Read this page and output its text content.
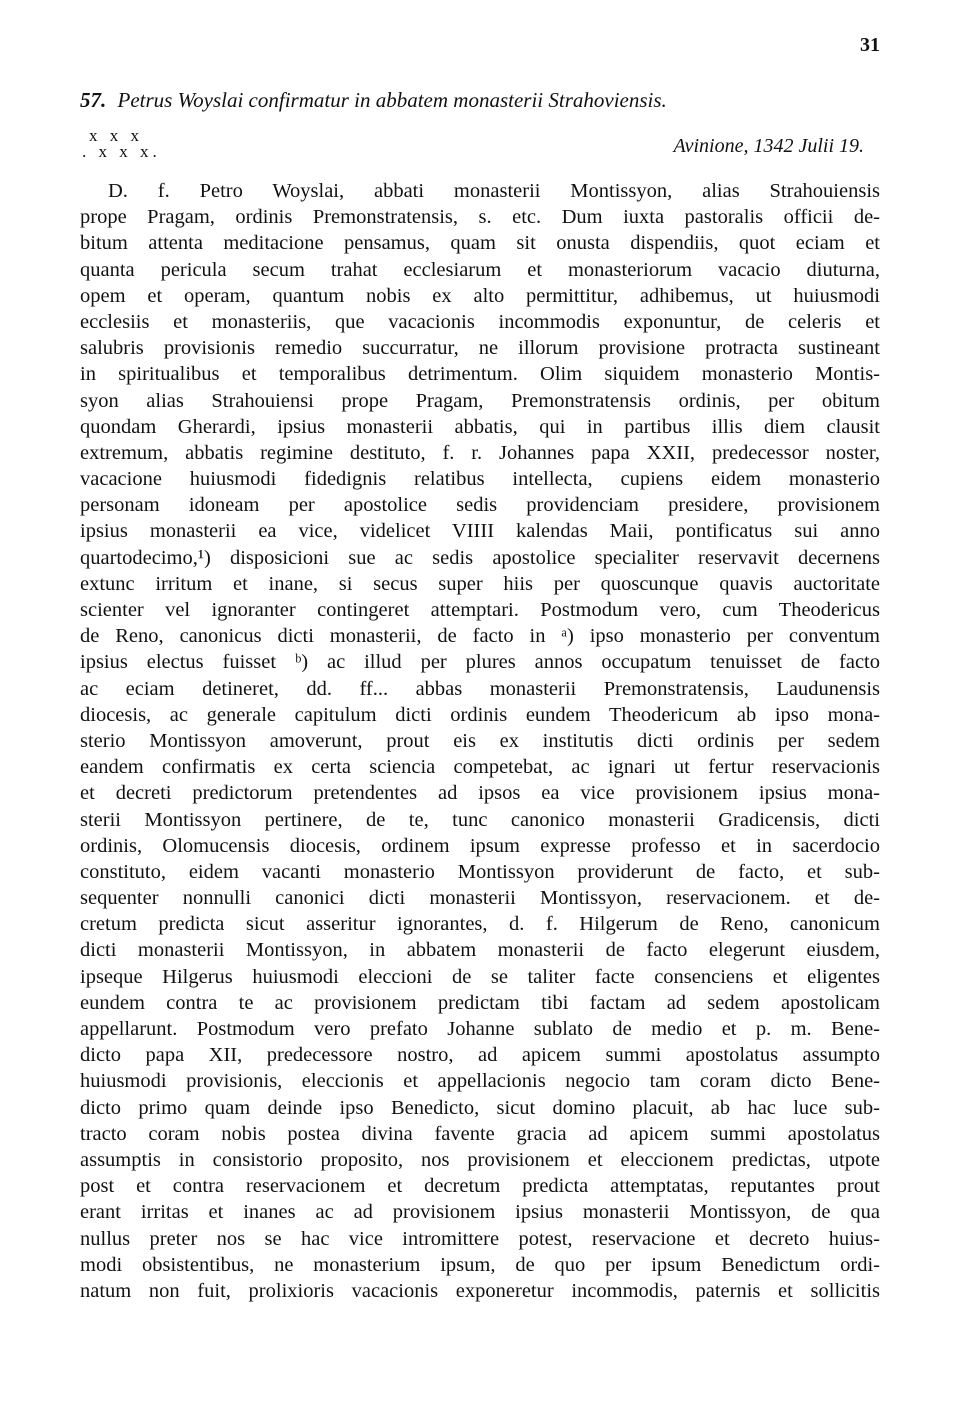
31
57. Petrus Woyslai confirmatur in abbatem monasterii Strahoviensis.
x x x
. x x x.	Avinione, 1342 Julii 19.
D. f. Petro Woyslai, abbati monasterii Montissyon, alias Strahouiensis
prope Pragam, ordinis Premonstratensis, s. etc. Dum iuxta pastoralis officii de-
bitum attenta meditacione pensamus, quam sit onusta dispendiis, quot eciam et
quanta pericula secum trahat ecclesiarum et monasteriorum vacacio diuturna,
opem et operam, quantum nobis ex alto permittitur, adhibemus, ut huiusmodi
ecclesiis et monasteriis, que vacacionis incommodis exponuntur, de celeris et
salubris provisionis remedio succurratur, ne illorum provisione protracta sustineant
in spiritualibus et temporalibus detrimentum. Olim siquidem monasterio Montis-
syon alias Strahouiensi prope Pragam, Premonstratensis ordinis, per obitum
quondam Gherardi, ipsius monasterii abbatis, qui in partibus illis diem clausit
extremum, abbatis regimine destituto, f. r. Johannes papa XXII, predecessor noster,
vacacione huiusmodi fidedignis relatibus intellecta, cupiens eidem monasterio
personam idoneam per apostolice sedis providenciam presidere, provisionem
ipsius monasterii ea vice, videlicet VIIII kalendas Maii, pontificatus sui anno
quartodecimo,¹) disposicioni sue ac sedis apostolice specialiter reservavit decernens
extunc irritum et inane, si secus super hiis per quoscunque quavis auctoritate
scienter vel ignoranter contingeret attemptari. Postmodum vero, cum Theodericus
de Reno, canonicus dicti monasterii, de facto in ᵃ) ipso monasterio per conventum
ipsius electus fuisset ᵇ) ac illud per plures annos occupatum tenuisset de facto
ac eciam detineret, dd. ff... abbas monasterii Premonstratensis, Laudunensis
diocesis, ac generale capitulum dicti ordinis eundem Theodericum ab ipso mona-
sterio Montissyon amoverunt, prout eis ex institutis dicti ordinis per sedem
eandem confirmatis ex certa sciencia competebat, ac ignari ut fertur reservacionis
et decreti predictorum pretendentes ad ipsos ea vice provisionem ipsius mona-
sterii Montissyon pertinere, de te, tunc canonico monasterii Gradicensis, dicti
ordinis, Olomucensis diocesis, ordinem ipsum expresse professo et in sacerdocio
constituto, eidem vacanti monasterio Montissyon providerunt de facto, et sub-
sequenter nonnulli canonici dicti monasterii Montissyon, reservacionem. et de-
cretum predicta sicut asseritur ignorantes, d. f. Hilgerum de Reno, canonicum
dicti monasterii Montissyon, in abbatem monasterii de facto elegerunt eiusdem,
ipseque Hilgerus huiusmodi eleccioni de se taliter facte consenciens et eligentes
eundem contra te ac provisionem predictam tibi factam ad sedem apostolicam
appellarunt. Postmodum vero prefato Johanne sublato de medio et p. m. Bene-
dicto papa XII, predecessore nostro, ad apicem summi apostolatus assumpto
huiusmodi provisionis, eleccionis et appellacionis negocio tam coram dicto Bene-
dicto primo quam deinde ipso Benedicto, sicut domino placuit, ab hac luce sub-
tracto coram nobis postea divina favente gracia ad apicem summi apostolatus
assumptis in consistorio proposito, nos provisionem et eleccionem predictas, utpote
post et contra reservacionem et decretum predicta attemptatas, reputantes prout
erant irritas et inanes ac ad provisionem ipsius monasterii Montissyon, de qua
nullus preter nos se hac vice intromittere potest, reservacione et decreto huius-
modi obsistentibus, ne monasterium ipsum, de quo per ipsum Benedictum ordi-
natum non fuit, prolixioris vacacionis exponeretur incommodis, paternis et sollicitis
